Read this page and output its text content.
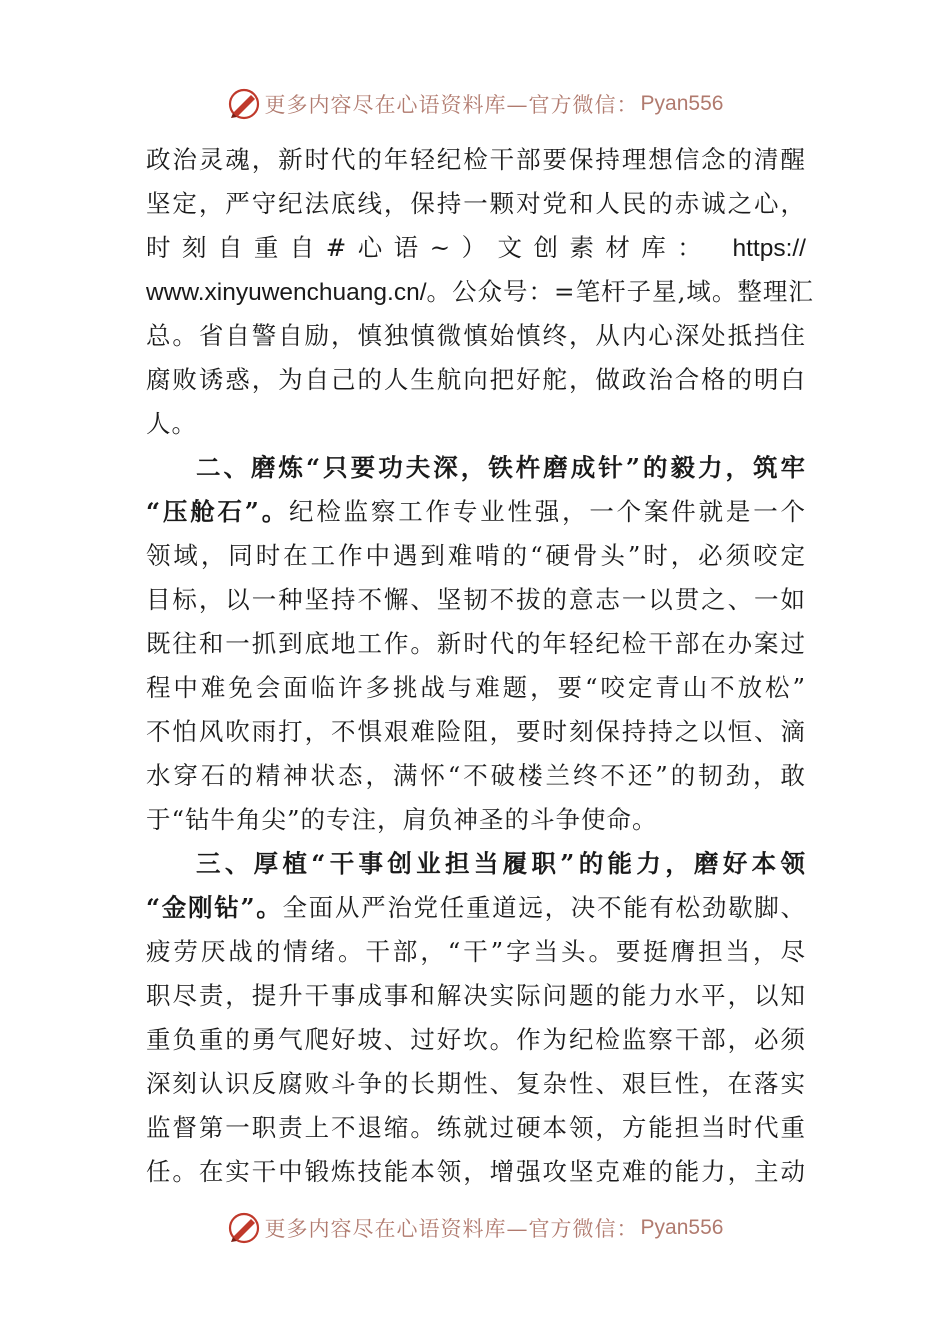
更多内容尽在心语资料库—官方微信： Pyan556
政治灵魂，新时代的年轻纪检干部要保持理想信念的清醒
坚定，严守纪法底线，保持一颗对党和人民的赤诚之心，
时刻自重自#心语~）文创素材库： https://
www.xinyuwenchuang.cn/。公众号：=笔杆子星,域。整理汇
总。省自警自励，慎独慎微慎始慎终，从内心深处抵挡住
腐败诱惑，为自己的人生航向把好舵，做政治合格的明白
人。
二、磨炼“只要功夫深，铁杵磨成针”的毅力，筑牢
“压舱石”。纪检监察工作专业性强，一个案件就是一个
领域，同时在工作中遇到难啃的“硬骨头”时，必须咬定
目标，以一种坚持不懈、坚韧不拔的意志一以贯之、一如
既往和一抓到底地工作。新时代的年轻纪检干部在办案过
程中难免会面临许多挑战与难题，要“咬定青山不放松”
不怕风吹雨打，不惧艰难险阻，要时刻保持持之以恒、滴
水穿石的精神状态，满怀“不破楼兰终不还”的韧劲，敢
于“钻牛角尖”的专注，肩负神圣的斗争使命。
三、厚植“干事创业担当履职”的能力，磨好本领
“金刚钻”。全面从严治党任重道远，决不能有松劲歇脚、
疲劳厌战的情绪。干部，“干”字当头。要挺膺担当，尽
职尽责，提升干事成事和解决实际问题的能力水平，以知
重负重的勇气爬好坡、过好坎。作为纪检监察干部，必须
深刻认识反腐败斗争的长期性、复杂性、艰巨性，在落实
监督第一职责上不退缩。练就过硬本领，方能担当时代重
任。在实干中锻炼技能本领，增强攻坚克难的能力，主动
更多内容尽在心语资料库—官方微信： Pyan556
